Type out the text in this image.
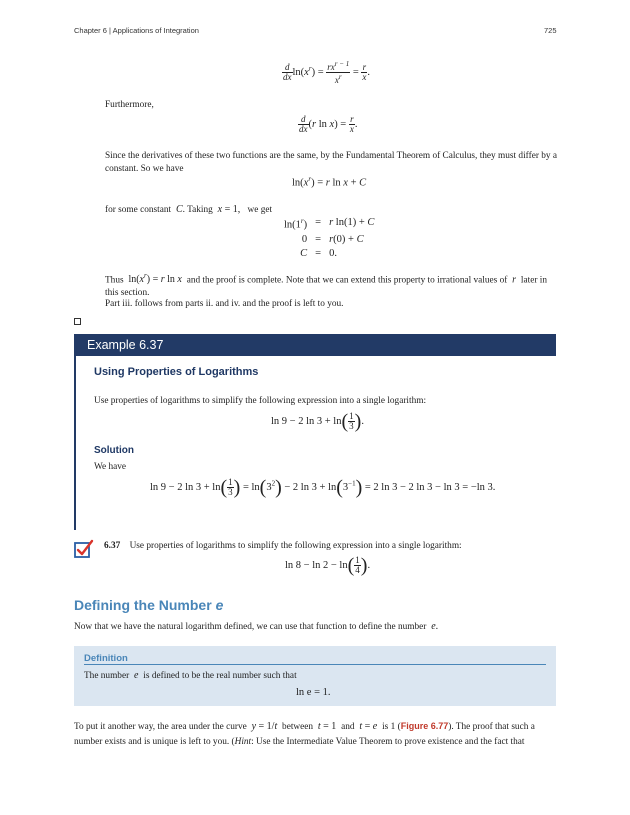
Chapter 6 | Applications of Integration	725
$\frac{d}{dx} \ln(x^r) = \frac{rx^{r - 1}}{x^r} = \frac{r}{x}$ .
Furthermore,
$\frac{d}{dx} (r$ $\ln x) = \frac{r}{x}$ .
Since the derivatives of these two functions are the same, by the Fundamental Theorem of Calculus, they must differ by a constant. So we have
$\ln(x^r) = r$ ln x + C
for some constant  C. Taking  x = 1, we get
$\ln(1^r)$	=	r ln(1) + C
0	=	r(0) + C
C	=	0.
Thus $\ln(x^r) = r$ ln x  and the proof is complete. Note that we can extend this property to irrational values of  r  later in this section.
Part iii. follows from parts ii. and iv. and the proof is left to you.
Example 6.37
Using Properties of Logarithms
Use properties of logarithms to simplify the following expression into a single logarithm:
ln 9 − 2 $\ln 3 + \ln( \frac{1}{3}$ ).
Solution
We have
ln 9 − 2 $\ln 3 + \ln( \frac{1}{3}$ ) = $\ln(3^2) - 2$ $\ln 3 + \ln(3^{-1}) = 2$ ln 3 − 2 ln 3 − ln 3 = −ln 3.
6.37 Use properties of logarithms to simplify the following expression into a single logarithm:
$\ln 8 - \ln 2 - \ln( \frac{1}{4}$ ).
Defining the Number e
Now that we have the natural logarithm defined, we can use that function to define the number  e.
Definition
The number  e  is defined to be the real number such that
ln e = 1.
To put it another way, the area under the curve  y = 1/t  between  t = 1 and  t = e  is 1 (Figure 6.77). The proof that such a number exists and is unique is left to you. (Hint: Use the Intermediate Value Theorem to prove existence and the fact that
